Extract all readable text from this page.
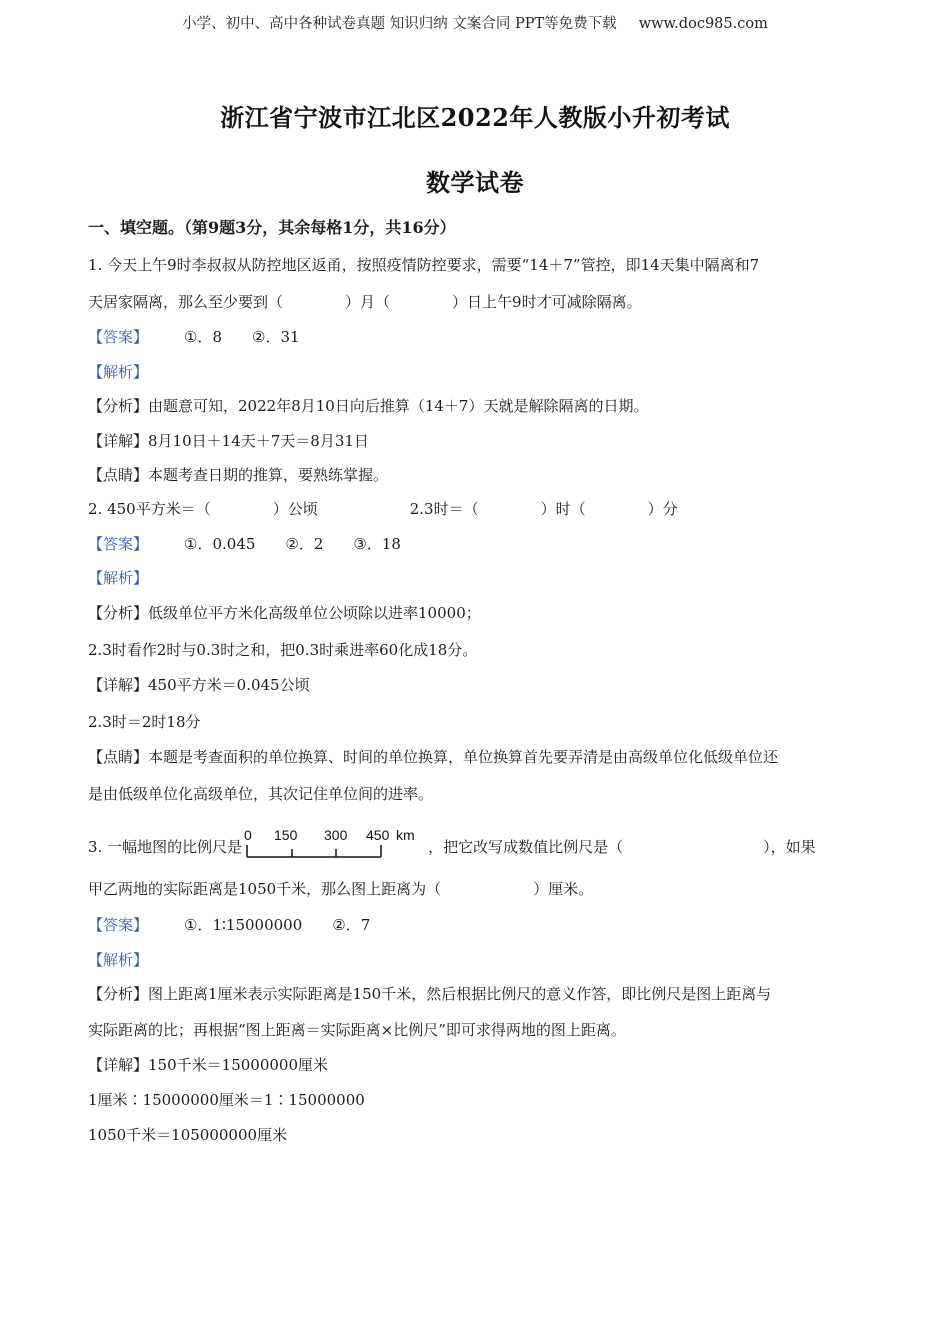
小学、初中、高中各种试卷真题 知识归纳 文案合同 PPT等免费下载 www.doc985.com
浙江省宁波市江北区2022年人教版小升初考试
数学试卷
一、填空题。（第9题3分，其余每格1分，共16分）
1. 今天上午9时李叔叔从防控地区返甬，按照疫情防控要求，需要“14＋7”管控，即14天集中隔离和7
天居家隔离，那么至少要到（	）月（	）日上午9时才可减除隔离。
【答案】 ①．8　　②．31
【解析】
【分析】由题意可知，2022年8月10日向后推算（14＋7）天就是解除隔离的日期。
【详解】8月10日＋14天＋7天＝8月31日
【点睛】本题考查日期的推算，要熟练掌握。
2. 450平方米＝（	）公顷	2.3时＝（	）时（	）分
【答案】 ①．0.045　　②．2　　③．18
【解析】
【分析】低级单位平方米化高级单位公顷除以进率10000；
2.3时看作2时与0.3时之和，把0.3时乘进率60化成18分。
【详解】450平方米＝0.045公顷
2.3时＝2时18分
【点睛】本题是考查面积的单位换算、时间的单位换算，单位换算首先要弄清是由高级单位化低级单位还
是由低级单位化高级单位，其次记住单位间的进率。
3. 一幅地图的比例尺是
0 150 300 450 km
，把它改写成数值比例尺是（	），如果
甲乙两地的实际距离是1050千米，那么图上距离为（	）厘米。
【答案】 ①．1∶15000000　　②．7
【解析】
【分析】图上距离1厘米表示实际距离是150千米，然后根据比例尺的意义作答，即比例尺是图上距离与
实际距离的比；再根据“图上距离＝实际距离×比例尺”即可求得两地的图上距离。
【详解】150千米＝15000000厘米
1厘米∶15000000厘米＝1∶15000000
1050千米＝105000000厘米
